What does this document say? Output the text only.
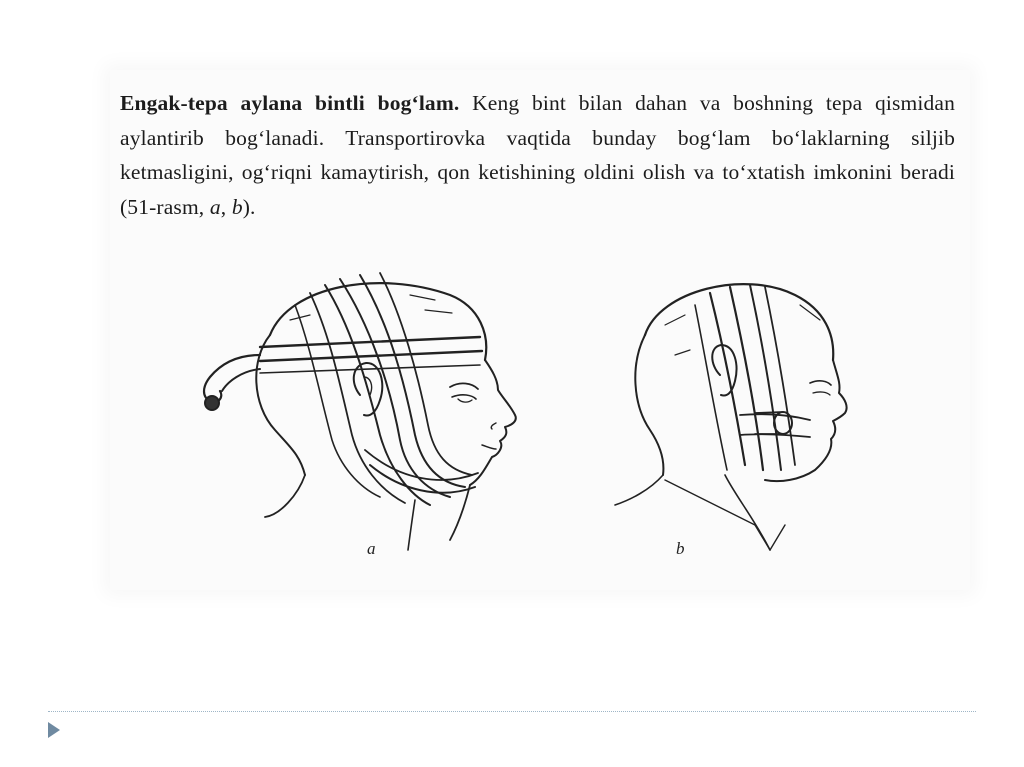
Engak-tepa aylana bintli bog‘lam. Keng bint bilan dahan va boshning tepa qismidan aylantirib bog‘lanadi. Transportirovka vaqtida bunday bog‘lam bo‘laklarning siljib ketmasligini, og‘riqni kamaytirish, qon ketishining oldini olish va to‘xtatish imkonini beradi (51-rasm, a, b).

a	b
